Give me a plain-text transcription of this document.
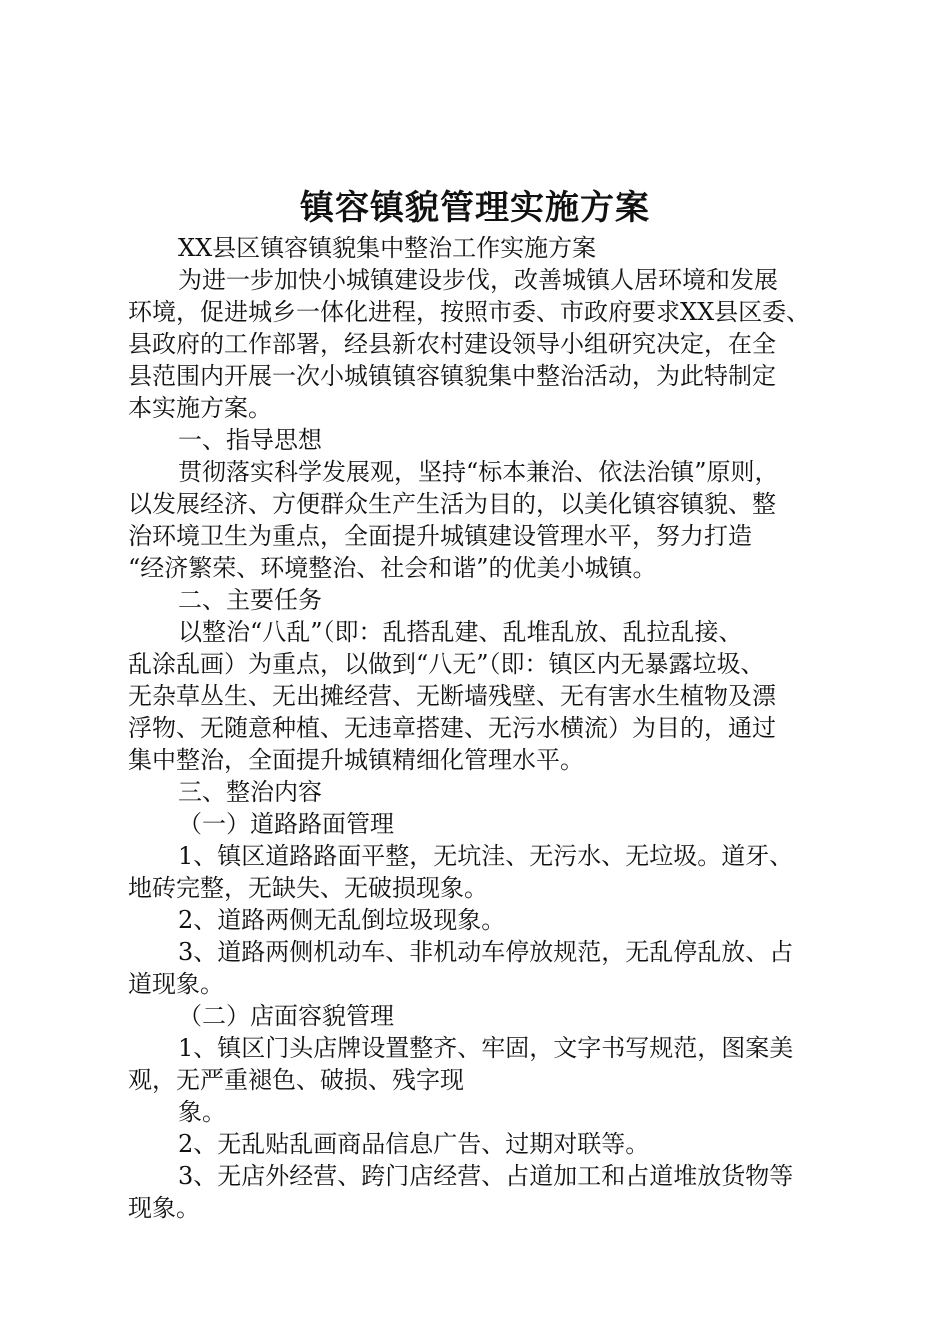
镇容镇貌管理实施方案
XX县区镇容镇貌集中整治工作实施方案
为进一步加快小城镇建设步伐，改善城镇人居环境和发展
环境，促进城乡一体化进程，按照市委、市政府要求XX县区委、
县政府的工作部署，经县新农村建设领导小组研究决定，在全
县范围内开展一次小城镇镇容镇貌集中整治活动，为此特制定
本实施方案。
一、指导思想
贯彻落实科学发展观，坚持“标本兼治、依法治镇”原则，
以发展经济、方便群众生产生活为目的，以美化镇容镇貌、整
治环境卫生为重点，全面提升城镇建设管理水平，努力打造
“经济繁荣、环境整治、社会和谐”的优美小城镇。
二、主要任务
以整治“八乱”（即：乱搭乱建、乱堆乱放、乱拉乱接、
乱涂乱画）为重点，以做到“八无”（即：镇区内无暴露垃圾、
无杂草丛生、无出摊经营、无断墙残壁、无有害水生植物及漂
浮物、无随意种植、无违章搭建、无污水横流）为目的，通过
集中整治，全面提升城镇精细化管理水平。
三、整治内容
（一）道路路面管理
1、镇区道路路面平整，无坑洼、无污水、无垃圾。道牙、
地砖完整，无缺失、无破损现象。
2、道路两侧无乱倒垃圾现象。
3、道路两侧机动车、非机动车停放规范，无乱停乱放、占
道现象。
（二）店面容貌管理
1、镇区门头店牌设置整齐、牢固，文字书写规范，图案美
观，无严重褪色、破损、残字现
象。
2、无乱贴乱画商品信息广告、过期对联等。
3、无店外经营、跨门店经营、占道加工和占道堆放货物等
现象。
